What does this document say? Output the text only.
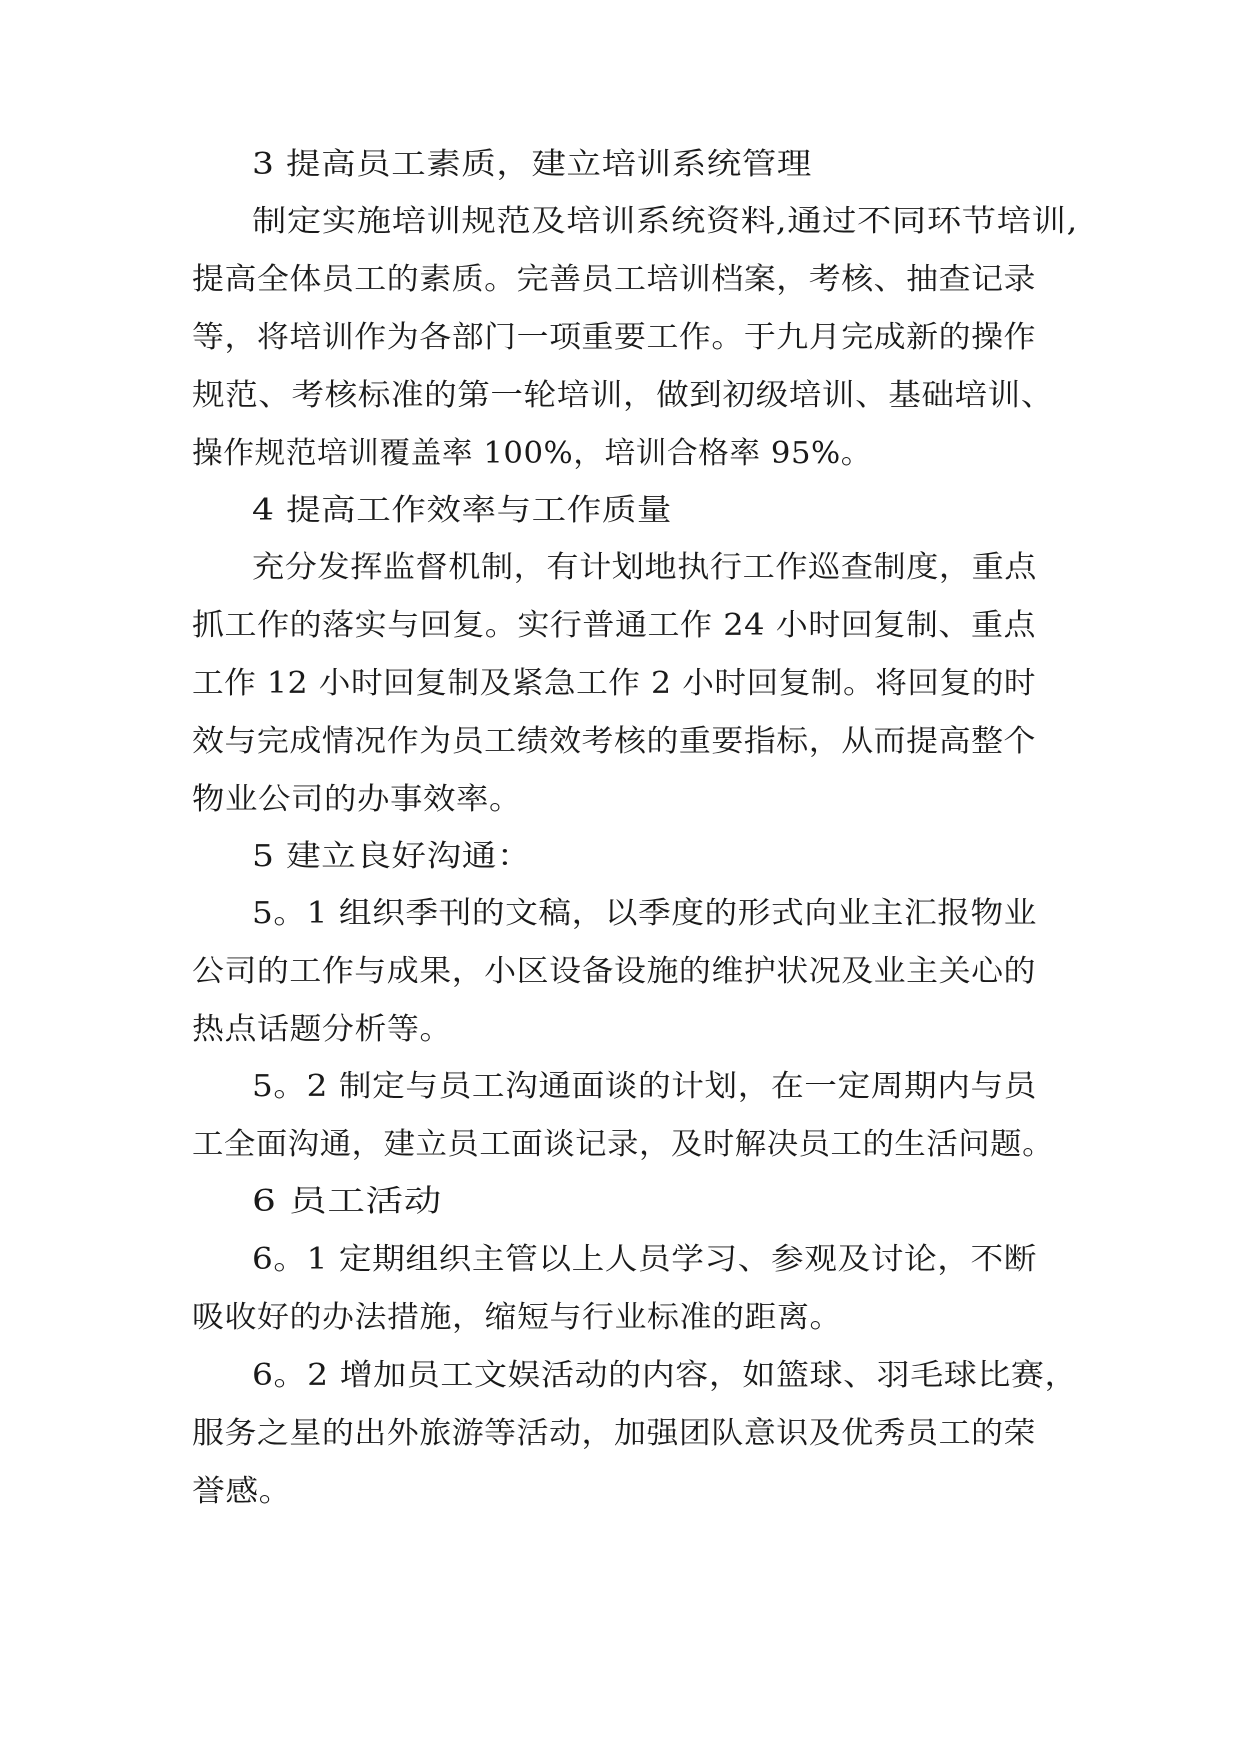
3 提高员工素质，建立培训系统管理
制定实施培训规范及培训系统资料,通过不同环节培训,
提高全体员工的素质。完善员工培训档案，考核、抽查记录
等，将培训作为各部门一项重要工作。于九月完成新的操作
规范、考核标准的第一轮培训，做到初级培训、基础培训、
操作规范培训覆盖率 100%，培训合格率 95%。
4 提高工作效率与工作质量
充分发挥监督机制，有计划地执行工作巡查制度，重点
抓工作的落实与回复。实行普通工作 24 小时回复制、重点
工作 12 小时回复制及紧急工作 2 小时回复制。将回复的时
效与完成情况作为员工绩效考核的重要指标，从而提高整个
物业公司的办事效率。
5 建立良好沟通：
5。1 组织季刊的文稿，以季度的形式向业主汇报物业
公司的工作与成果，小区设备设施的维护状况及业主关心的
热点话题分析等。
5。2 制定与员工沟通面谈的计划，在一定周期内与员
工全面沟通，建立员工面谈记录，及时解决员工的生活问题。
6 员工活动
6。1 定期组织主管以上人员学习、参观及讨论，不断
吸收好的办法措施，缩短与行业标准的距离。
6。2 增加员工文娱活动的内容，如篮球、羽毛球比赛，
服务之星的出外旅游等活动，加强团队意识及优秀员工的荣
誉感。
